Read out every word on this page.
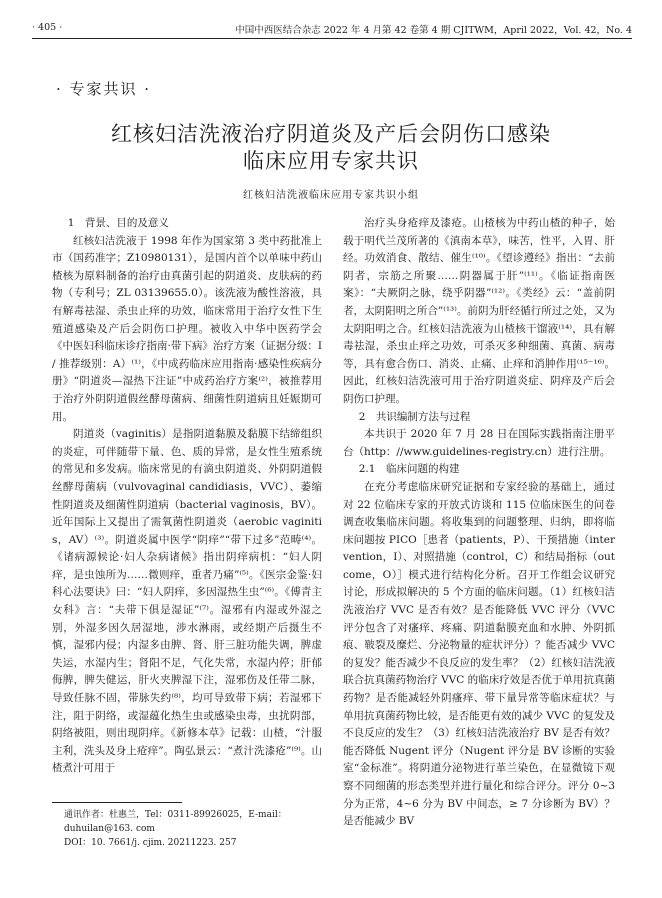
· 405 ·	中国中西医结合杂志 2022 年 4 月第 42 卷第 4 期 CJITWM，April 2022，Vol. 42，No. 4
· 专家共识 ·
红核妇洁洗液治疗阴道炎及产后会阴伤口感染
临床应用专家共识
红核妇洁洗液临床应用专家共识小组

1　背景、目的及意义

红核妇洁洗液于 1998 年作为国家第 3 类中药批准上市（国药准字；Z10980131），是国内首个以单味中药山楂核为原料制备的治疗由真菌引起的阴道炎、皮肤病的药物（专利号；ZL 03139655.0）。该洗液为酸性溶液，具有解毒祛湿、杀虫止痒的功效，临床常用于治疗女性下生殖道感染及产后会阴伤口护理。被收入中华中医药学会《中医妇科临床诊疗指南·带下病》治疗方案（证据分级：Ⅰ / 推荐级别：A）⁽¹⁾，《中成药临床应用指南·感染性疾病分册》“阴道炎—湿热下注证”中成药治疗方案⁽²⁾，被推荐用于治疗外阴阴道假丝酵母菌病、细菌性阴道病且妊娠期可用。

阴道炎（vaginitis）是指阴道黏膜及黏膜下结缔组织的炎症，可伴随带下量、色、质的异常，是女性生殖系统的常见和多发病。临床常见的有滴虫阴道炎、外阴阴道假丝酵母菌病（vulvovaginal candidiasis，VVC）、萎缩性阴道炎及细菌性阴道病（bacterial vaginosis，BV）。近年国际上又提出了需氧菌性阴道炎（aerobic vaginitis，AV）⁽³⁾。阴道炎属中医学“阴痒”“带下过多”范畴⁽⁴⁾。《诸病源候论·妇人杂病诸候》指出阴痒病机：“妇人阴痒，是虫蚀所为……微则痒，重者乃痛”⁽⁵⁾。《医宗金鉴·妇科心法要诀》曰：“妇人阴痒，多因湿热生虫”⁽⁶⁾。《傅青主女科》言：“夫带下俱是湿证”⁽⁷⁾。湿邪有内湿或外湿之别，外湿多因久居湿地，涉水淋雨，或经期产后摄生不慎，湿邪内侵；内湿多由脾、肾、肝三脏功能失调，脾虚失运，水湿内生；肾阳不足，气化失常，水湿内停；肝郁侮脾，脾失健运，肝火夹脾湿下注，湿邪伤及任带二脉，导致任脉不固，带脉失约⁽⁸⁾，均可导致带下病；若湿邪下注，阻于阴络，或湿蕴化热生虫或感染虫毒，虫扰阴部，阴络被阻，则出现阴痒。《新修本草》记载：山楂，“汁服主利，洗头及身上疮痒”。陶弘景云：“煮汁洗漆疮”⁽⁹⁾。山楂煮汁可用于

治疗头身疮痒及漆疮。山楂核为中药山楂的种子，始载于明代兰茂所著的《滇南本草》，味苦，性平，入胃、肝经。功效消食、散结、催生⁽¹⁰⁾。《望诊遵经》指出：“去前阴者，宗筋之所聚……阴器属于肝”⁽¹¹⁾。《临证指南医案》：“夫厥阴之脉，绕乎阴器”⁽¹²⁾。《类经》云：“盖前阴者，太阴阳明之所合”⁽¹³⁾。前阴为肝经循行所过之处，又为太阴阳明之合。红核妇洁洗液为山楂核干馏液⁽¹⁴⁾，具有解毒祛湿，杀虫止痒之功效，可杀灭多种细菌、真菌、病毒等，具有愈合伤口、消炎、止痛、止痒和消肿作用⁽¹⁵⁻¹⁶⁾。因此，红核妇洁洗液可用于治疗阴道炎症、阴痒及产后会阴伤口护理。

2　共识编制方法与过程

本共识于 2020 年 7 月 28 日在国际实践指南注册平台（http：//www.guidelines-registry.cn）进行注册。

2.1　临床问题的构建

在充分考虑临床研究证据和专家经验的基础上，通过对 22 位临床专家的开放式访谈和 115 位临床医生的问卷调查收集临床问题。将收集到的问题整理、归纳，即将临床问题按 PICO［患者（patients，P）、干预措施（intervention，I）、对照措施（control，C）和结局指标（outcome，O）］模式进行结构化分析。召开工作组会议研究讨论，形成拟解决的 5 个方面的临床问题。（1）红核妇洁洗液治疗 VVC 是否有效？是否能降低 VVC 评分（VVC 评分包含了对瘙痒、疼痛、阴道黏膜充血和水肿、外阴抓痕、皲裂及糜烂、分泌物量的症状评分）？能否减少 VVC 的复发？能否减少不良反应的发生率？（2）红核妇洁洗液联合抗真菌药物治疗 VVC 的临床疗效是否优于单用抗真菌药物？是否能减轻外阴瘙痒、带下量异常等临床症状？与单用抗真菌药物比较，是否能更有效的减少 VVC 的复发及不良反应的发生？（3）红核妇洁洗液治疗 BV 是否有效？能否降低 Nugent 评分（Nugent 评分是 BV 诊断的实验室“金标准”。将阴道分泌物进行革兰染色，在显微镜下观察不同细菌的形态类型并进行量化和综合评分。评分 0~3 分为正常，4~6 分为 BV 中间态，≥ 7 分诊断为 BV）？是否能减少 BV

通讯作者：杜惠兰，Tel：0311-89926025，E-mail：duhuilan@163. com
DOI：10. 7661/j. cjim. 20211223. 257
